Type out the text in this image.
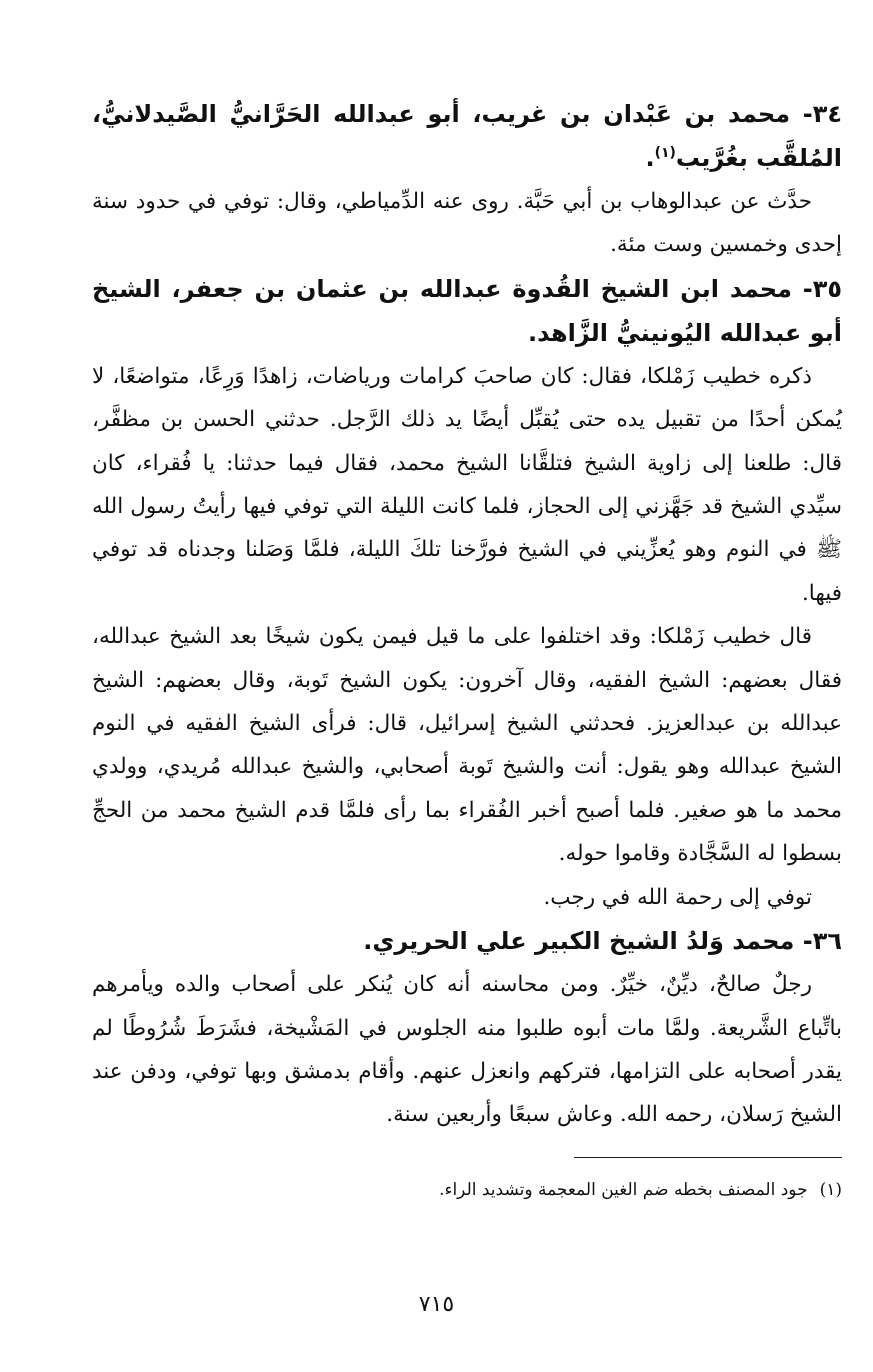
٣٤- محمد بن عَبْدان بن غريب، أبو عبدالله الحَرَّانيُّ الصَّيدلانيُّ، المُلقَّب بغُرَّيب$^{(١)}$.

حدَّث عن عبدالوهاب بن أبي حَبَّة. روى عنه الدِّمياطي، وقال: توفي في حدود سنة إحدى وخمسين وست مئة.

٣٥- محمد ابن الشيخ القُدوة عبدالله بن عثمان بن جعفر، الشيخ أبو عبدالله اليُونينيُّ الزَّاهد.

ذكره خطيب زَمْلكا، فقال: كان صاحبَ كرامات ورياضات، زاهدًا وَرِعًا، متواضعًا، لا يُمكن أحدًا من تقبيل يده حتى يُقبِّل أيضًا يد ذلك الرَّجل. حدثني الحسن بن مظفَّر، قال: طلعنا إلى زاوية الشيخ فتلقَّانا الشيخ محمد، فقال فيما حدثنا: يا فُقراء، كان سيِّدي الشيخ قد جَهَّزني إلى الحجاز، فلما كانت الليلة التي توفي فيها رأيتُ رسول الله ﷺ في النوم وهو يُعزِّيني في الشيخ فورَّخنا تلكَ الليلة، فلمَّا وَصَلنا وجدناه قد توفي فيها.

قال خطيب زَمْلكا: وقد اختلفوا على ما قيل فيمن يكون شيخًا بعد الشيخ عبدالله، فقال بعضهم: الشيخ الفقيه، وقال آخرون: يكون الشيخ تَوبة، وقال بعضهم: الشيخ عبدالله بن عبدالعزيز. فحدثني الشيخ إسرائيل، قال: فرأى الشيخ الفقيه في النوم الشيخ عبدالله وهو يقول: أنت والشيخ تَوبة أصحابي، والشيخ عبدالله مُريدي، وولدي محمد ما هو صغير. فلما أصبح أخبر الفُقراء بما رأى فلمَّا قدم الشيخ محمد من الحجِّ بسطوا له السَّجَّادة وقاموا حوله.

توفي إلى رحمة الله في رجب.

٣٦- محمد وَلدُ الشيخ الكبير علي الحريري.

رجلٌ صالحٌ، ديِّنٌ، خيِّرٌ. ومن محاسنه أنه كان يُنكر على أصحاب والده ويأمرهم باتِّباع الشَّريعة. ولمَّا مات أبوه طلبوا منه الجلوس في المَشْيخة، فشَرَطَ شُرُوطًا لم يقدر أصحابه على التزامها، فتركهم وانعزل عنهم. وأقام بدمشق وبها توفي، ودفن عند الشيخ رَسلان، رحمه الله. وعاش سبعًا وأربعين سنة.

(١)جود المصنف بخطه ضم الغين المعجمة وتشديد الراء.
٧١٥
